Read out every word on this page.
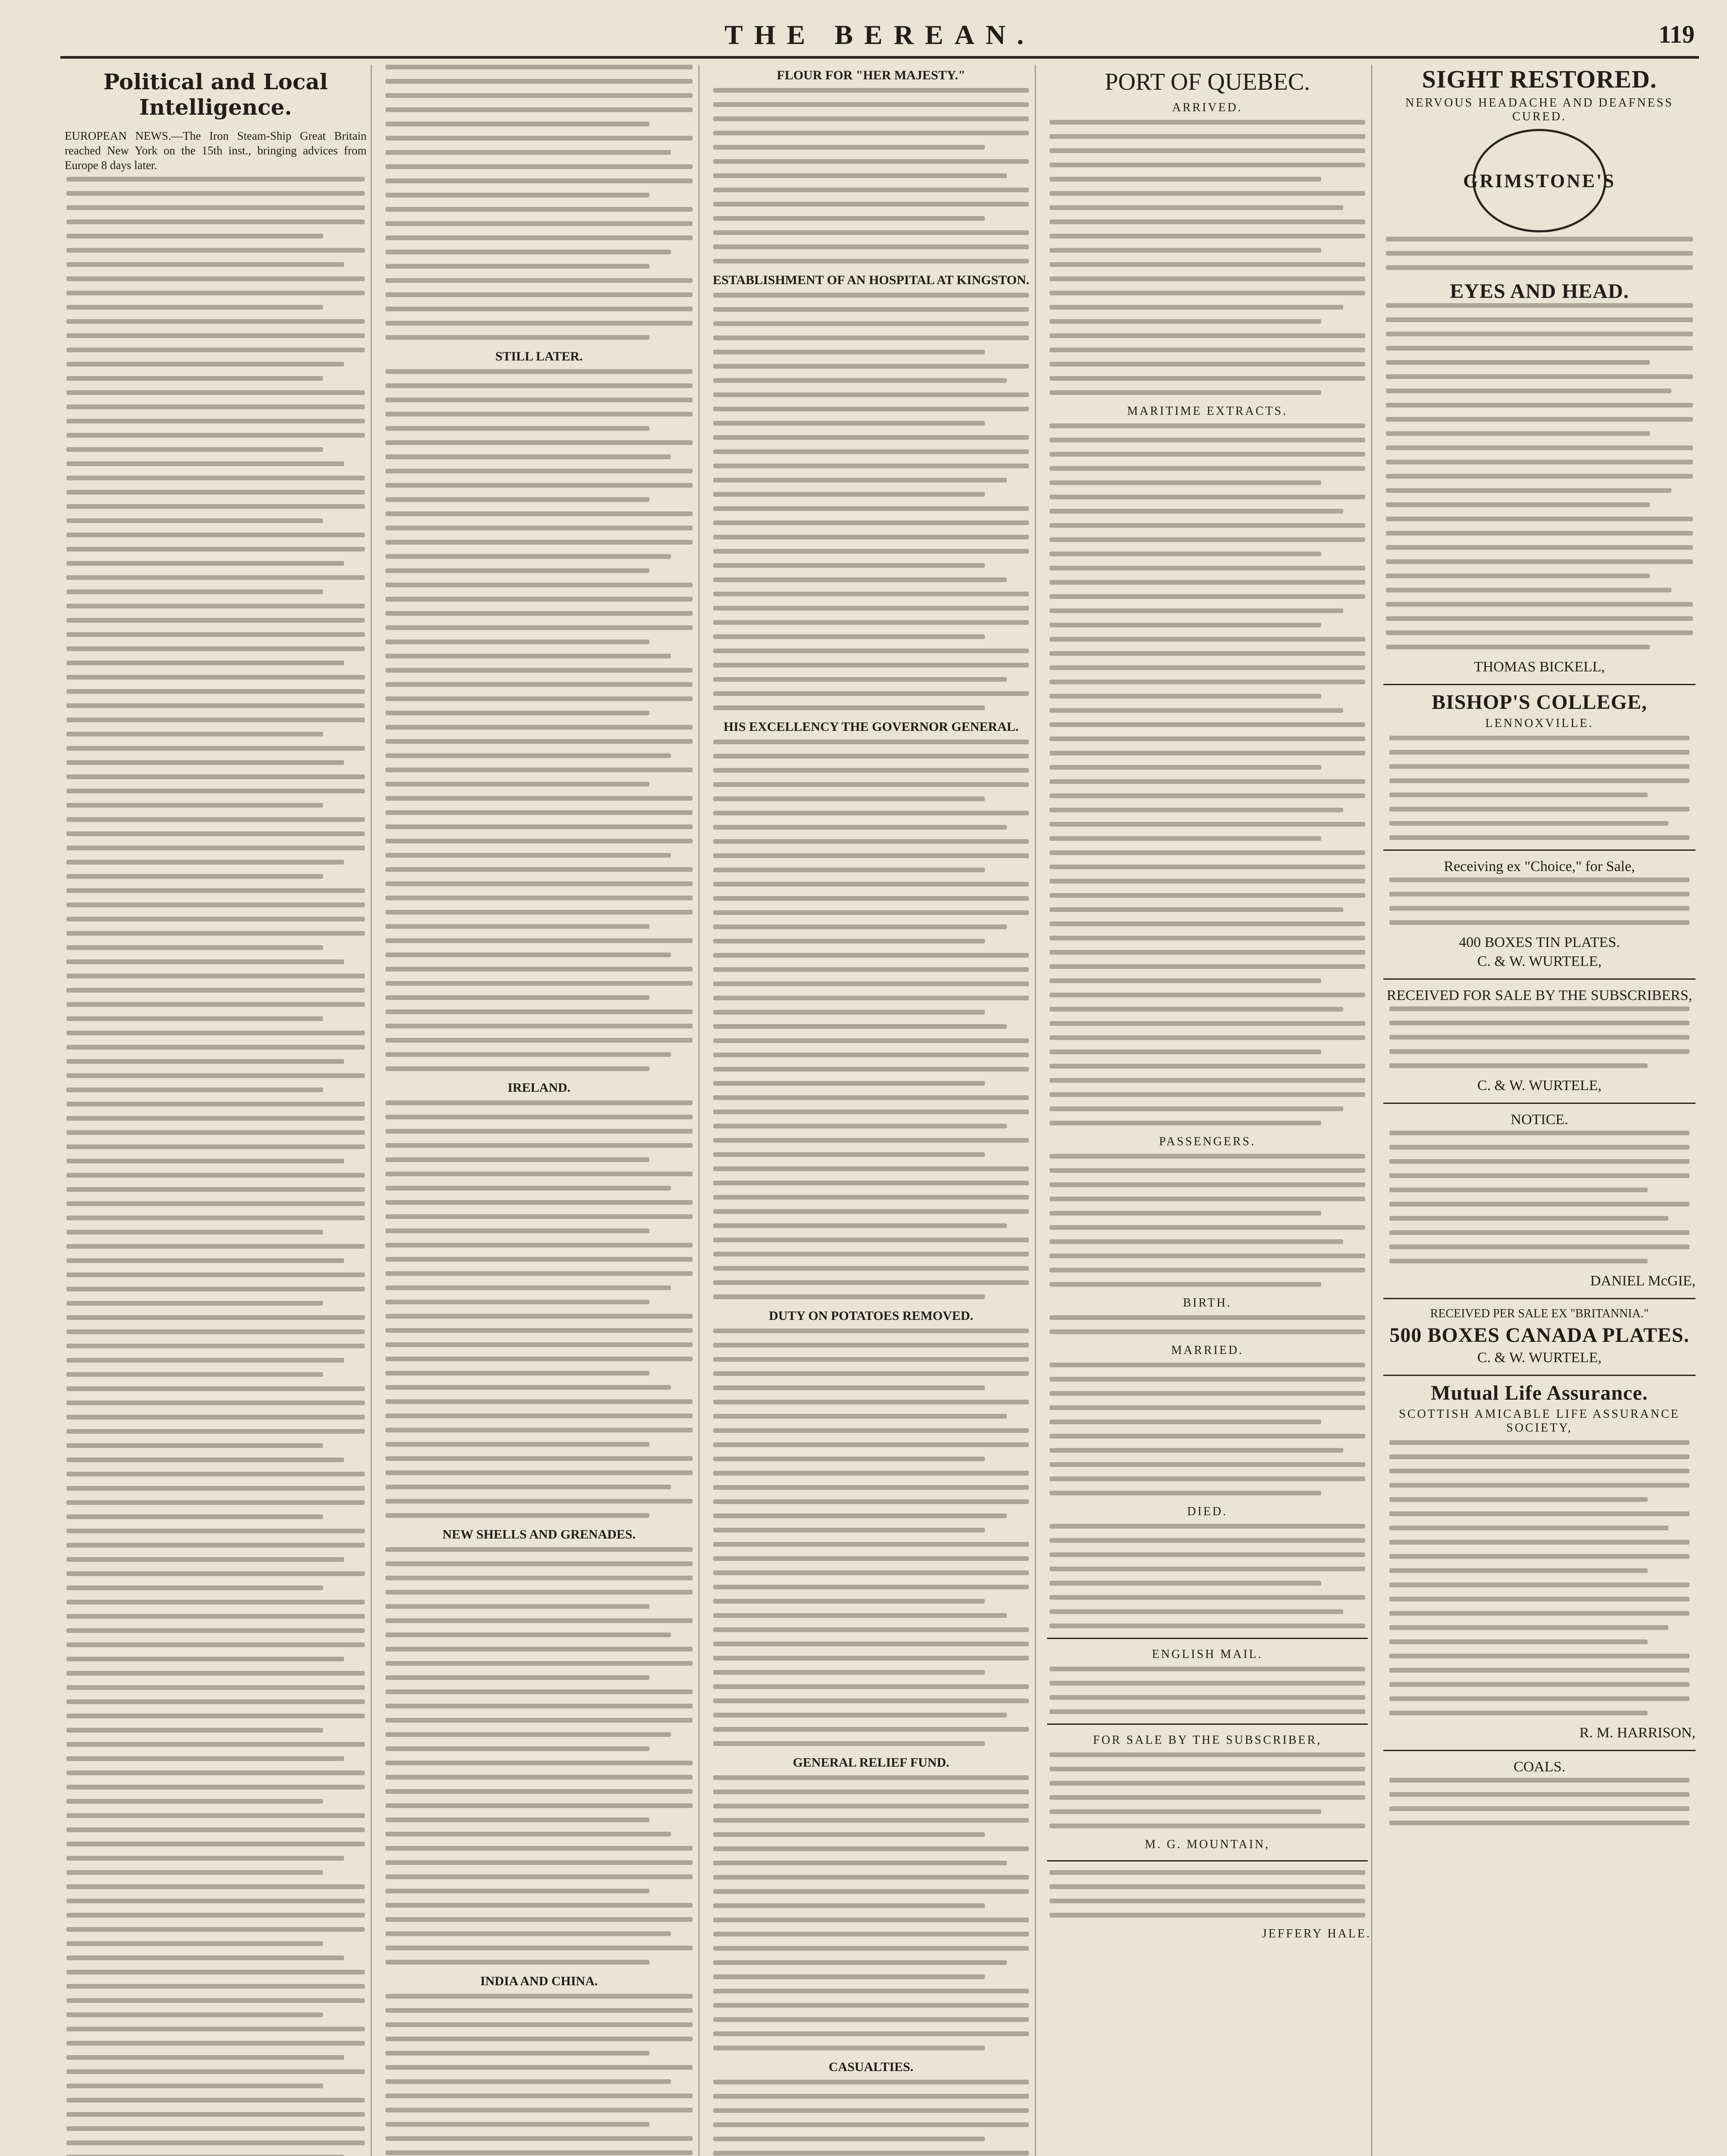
THE BEREAN.	119
Political and Local Intelligence.
EUROPEAN NEWS.—The Iron Steam-Ship Great Britain reached New York on the 15th inst., bringing advices from Europe 8 days later.
STILL LATER.
IRELAND.
NEW SHELLS AND GRENADES.
INDIA AND CHINA.
FLOUR FOR "HER MAJESTY."
ESTABLISHMENT OF AN HOSPITAL AT KINGSTON.
HIS EXCELLENCY THE GOVERNOR GENERAL.
DUTY ON POTATOES REMOVED.
GENERAL RELIEF FUND.
CASUALTIES.
PORT OF QUEBEC.
ARRIVED.
MARITIME EXTRACTS.
PASSENGERS.
BIRTH.
MARRIED.
DIED.
ENGLISH MAIL.
FOR SALE BY THE SUBSCRIBER,
M. G. MOUNTAIN,
JEFFERY HALE.
SIGHT RESTORED.
NERVOUS HEADACHE AND DEAFNESS CURED.
GRIMSTONE'S
EYES AND HEAD.
THOMAS BICKELL,
BISHOP'S COLLEGE,
LENNOXVILLE.
Receiving ex "Choice," for Sale,
400 BOXES TIN PLATES.
C. & W. WURTELE,
RECEIVED FOR SALE BY THE SUBSCRIBERS,
C. & W. WURTELE,
NOTICE.
DANIEL McGIE,
RECEIVED PER SALE EX "BRITANNIA."
500 BOXES CANADA PLATES.
C. & W. WURTELE,
Mutual Life Assurance.
SCOTTISH AMICABLE LIFE ASSURANCE SOCIETY,
R. M. HARRISON,
COALS.
